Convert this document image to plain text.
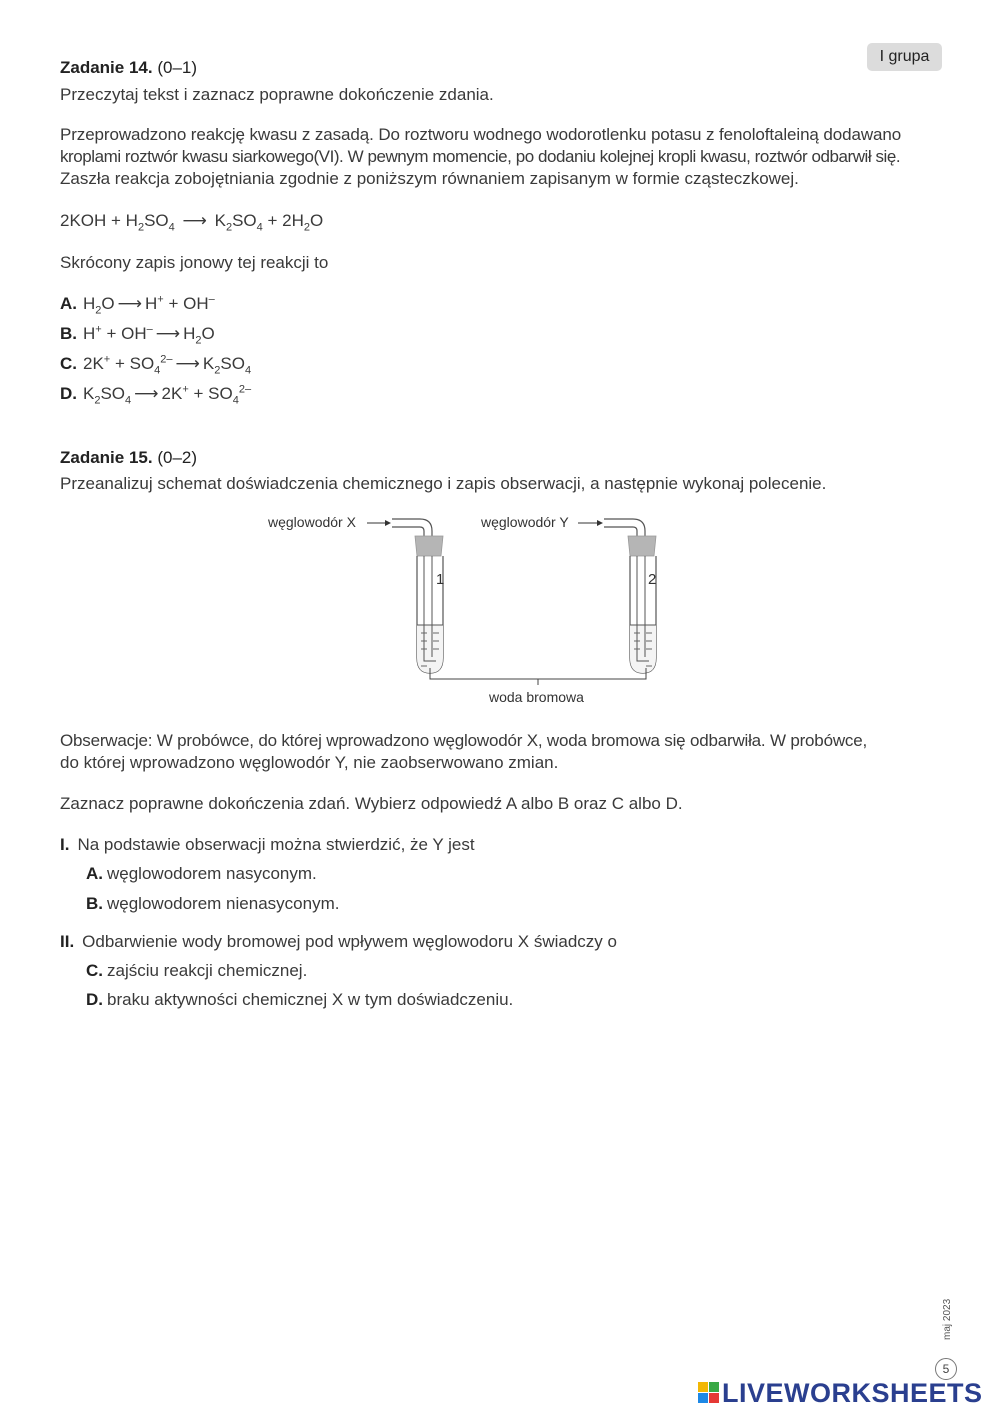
I grupa
Zadanie 14. (0–1)
Przeczytaj tekst i zaznacz poprawne dokończenie zdania.
Przeprowadzono reakcję kwasu z zasadą. Do roztworu wodnego wodorotlenku potasu z fenoloftaleiną dodawano
kroplami roztwór kwasu siarkowego(VI). W pewnym momencie, po dodaniu kolejnej kropli kwasu, roztwór odbarwił się.
Zaszła reakcja zobojętniania zgodnie z poniższym równaniem zapisanym w formie cząsteczkowej.
$2KOH + H_2SO_4$ ⟶ $K_2SO_4 + 2H_2O$
Skrócony zapis jonowy tej reakcji to
A. $H_2O$ ⟶ H+ + OH–
B. H+ + OH– ⟶ $H_2O$
C. $2K^+ + SO_4^{2-}$ ⟶ $K_2SO_4$
D. $K_2SO_4$ ⟶ $2K^+ + SO_4^{2-}$
Zadanie 15. (0–2)
Przeanalizuj schemat doświadczenia chemicznego i zapis obserwacji, a następnie wykonaj polecenie.
węglowodór X
1
węglowodór Y
2
woda bromowa
Obserwacje: W probówce, do której wprowadzono węglowodór X, woda bromowa się odbarwiła. W probówce,
do której wprowadzono węglowodór Y, nie zaobserwowano zmian.
Zaznacz poprawne dokończenia zdań. Wybierz odpowiedź A albo B oraz C albo D.
I. Na podstawie obserwacji można stwierdzić, że Y jest
A. węglowodorem nasyconym.
B. węglowodorem nienasyconym.
II. Odbarwienie wody bromowej pod wpływem węglowodoru X świadczy o
C. zajściu reakcji chemicznej.
D. braku aktywności chemicznej X w tym doświadczeniu.
maj 2023
5
LIVEWORKSHEETS
